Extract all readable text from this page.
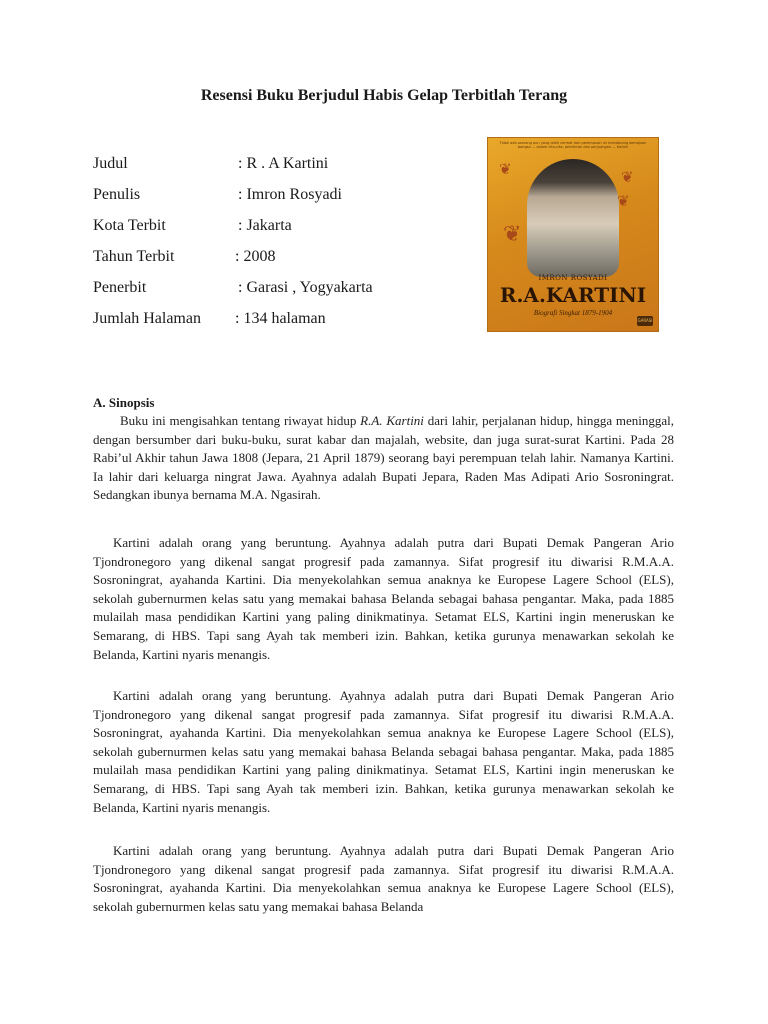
Resensi Buku Berjudul Habis Gelap Terbitlah Terang
Judul	: R . A Kartini
Penulis	: Imron Rosyadi
Kota Terbit	: Jakarta
Tahun Terbit	: 2008
Penerbit	: Garasi , Yogyakarta
Jumlah Halaman	: 134 halaman
Tidak ada seorang pun yang lebih cermat dari perempuan ini mendorong kemajuan bangsa — dalam cita-cita, pemikiran dan perjuangan — Kartini
❦	❦
❦
❦
IMRON ROSYADI
R.A.KARTINI
Biografi Singkat 1879-1904
GARASI
A. Sinopsis

Buku ini mengisahkan tentang riwayat hidup R.A. Kartini dari lahir, perjalanan hidup, hingga meninggal, dengan bersumber dari buku-buku, surat kabar dan majalah, website, dan juga surat-surat Kartini. Pada 28 Rabi’ul Akhir tahun Jawa 1808 (Jepara, 21 April 1879) seorang bayi perempuan telah lahir. Namanya Kartini. Ia lahir dari keluarga ningrat Jawa. Ayahnya adalah Bupati Jepara, Raden Mas Adipati Ario Sosroningrat. Sedangkan ibunya bernama M.A. Ngasirah.

Kartini adalah orang yang beruntung. Ayahnya adalah putra dari Bupati Demak Pangeran Ario Tjondronegoro yang dikenal sangat progresif pada zamannya. Sifat progresif itu diwarisi R.M.A.A. Sosroningrat, ayahanda Kartini. Dia menyekolahkan semua anaknya ke Europese Lagere School (ELS), sekolah gubernurmen kelas satu yang memakai bahasa Belanda sebagai bahasa pengantar. Maka, pada 1885 mulailah masa pendidikan Kartini yang paling dinikmatinya. Setamat ELS, Kartini ingin meneruskan ke Semarang, di HBS. Tapi sang Ayah tak memberi izin. Bahkan, ketika gurunya menawarkan sekolah ke Belanda, Kartini nyaris menangis.

Kartini adalah orang yang beruntung. Ayahnya adalah putra dari Bupati Demak Pangeran Ario Tjondronegoro yang dikenal sangat progresif pada zamannya. Sifat progresif itu diwarisi R.M.A.A. Sosroningrat, ayahanda Kartini. Dia menyekolahkan semua anaknya ke Europese Lagere School (ELS), sekolah gubernurmen kelas satu yang memakai bahasa Belanda sebagai bahasa pengantar. Maka, pada 1885 mulailah masa pendidikan Kartini yang paling dinikmatinya. Setamat ELS, Kartini ingin meneruskan ke Semarang, di HBS. Tapi sang Ayah tak memberi izin. Bahkan, ketika gurunya menawarkan sekolah ke Belanda, Kartini nyaris menangis.

Kartini adalah orang yang beruntung. Ayahnya adalah putra dari Bupati Demak Pangeran Ario Tjondronegoro yang dikenal sangat progresif pada zamannya. Sifat progresif itu diwarisi R.M.A.A. Sosroningrat, ayahanda Kartini. Dia menyekolahkan semua anaknya ke Europese Lagere School (ELS), sekolah gubernurmen kelas satu yang memakai bahasa Belanda
